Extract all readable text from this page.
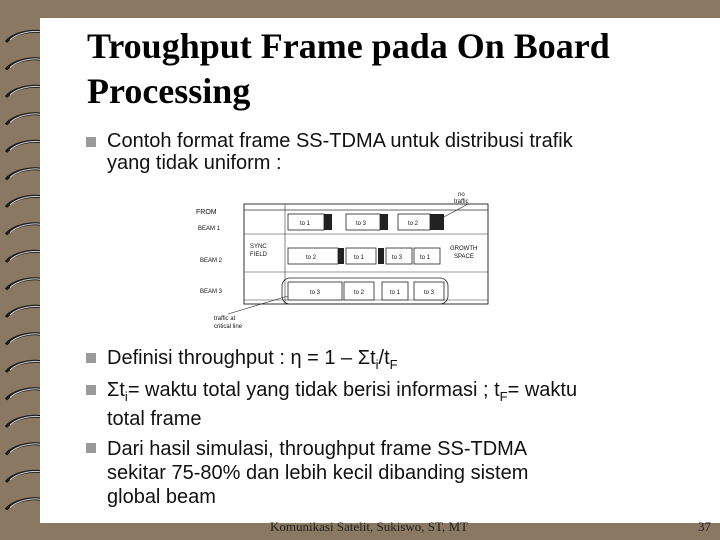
Troughput Frame pada On Board
Processing
Contoh format frame SS-TDMA untuk distribusi trafik
yang tidak uniform :
FROM
BEAM 1
BEAM 2
BEAM 3
SYNC
FIELD
no
traffic
GROWTH
SPACE
traffic at
critical line
to 1	to 3	to 2
to 2	to 1	to 3	to 1
to 3	to 2	to 1	to 3
Definisi throughput : $\eta = 1 - \Sigma t_i/t_F$
$\Sigma t_i=$ waktu total yang tidak berisi informasi ; $t_F=$ waktu
total frame
Dari hasil simulasi, throughput frame SS-TDMA
sekitar 75-80% dan lebih kecil dibanding sistem
global beam
Komunikasi Satelit, Sukiswo, ST, MT	37
